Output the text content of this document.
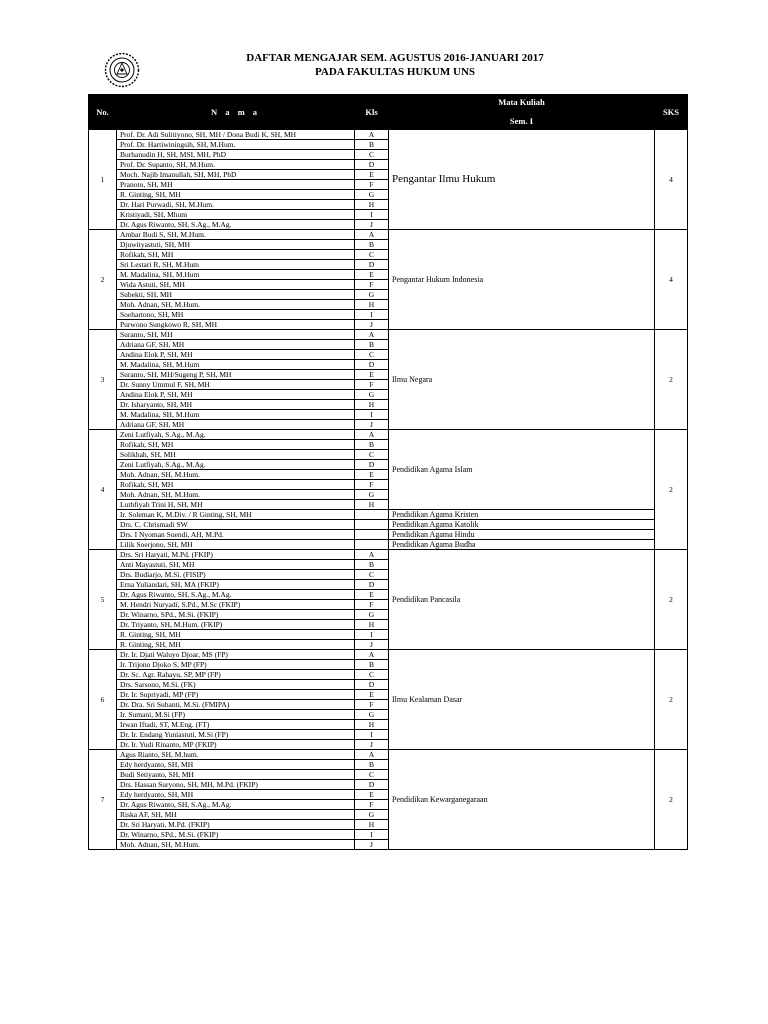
DAFTAR MENGAJAR SEM. AGUSTUS 2016-JANUARI 2017
PADA FAKULTAS HUKUM UNS
No.	N a m a	Kls	Mata Kuliah
Sem. I	SKS
1	Prof. Dr. Adi Sulitiyono, SH, MH / Dona Budi K, SH, MH	A	Pengantar Ilmu Hukum	4
	Prof. Dr. Hartiwiningsih, SH, M.Hum.	B		
	Burhanudin H, SH, MSI, MH, PhD	C		
	Prof. Dr. Supanto, SH, M.Hum.	D		
	Moch. Najib Imanullah, SH, MH, PhD	E		
	Pranoto, SH, MH	F		
	R. Ginting, SH, MH	G		
	Dr. Hari Purwadi, SH, M.Hum.	H		
	Kristiyadi, SH, Mhum	I		
	Dr. Agus Riwanto, SH, S.Ag., M.Ag.	J		
2	Ambar Budi S, SH, M.Hum.	A	Pengantar Hukum Indonesia	4
	Djuwityastuti, SH, MH	B		
	Rofikah, SH, MH	C		
	Sri Lestari R, SH, M.Hum	D		
	M. Madalina, SH, M.Hum	E		
	Wida Astuti, SH, MH	F		
	Subekti, SH, MH	G		
	Moh. Adnan, SH, M.Hum.	H		
	Soehartono, SH, MH	I		
	Purwono Sungkowo R, SH, MH	J		
3	Suranto, SH, MH	A	Ilmu Negara	2
	Adriana GF, SH, MH	B		
	Andina Elok P, SH, MH	C		
	M. Madalina, SH, M.Hum	D		
	Suranto, SH, MH/Sugeng P, SH, MH	E		
	Dr. Sunny Ummul F, SH, MH	F		
	Andina Elok P, SH, MH	G		
	Dr. Isharyanto, SH, MH	H		
	M. Madalina, SH, M.Hum	I		
	Adriana GF, SH, MH	J		
4	Zeni Lutfiyah, S.Ag., M.Ag.	A	Pendidikan Agama Islam	2
	Rofikah, SH, MH	B		
	Solikhah, SH, MH	C		
	Zeni Lutfiyah, S.Ag., M.Ag.	D		
	Moh. Adnan, SH, M.Hum.	E		
	Rofikah, SH, MH	F		
	Moh. Adnan, SH, M.Hum.	G		
	Luthfiyah Trini H, SH, MH	H		
	Ir. Soleman K, M.Div. / R Ginting, SH, MH		Pendidikan Agama Kristen	
	Drs. C. Chrismadi SW		Pendidikan Agama Katolik	
	Drs. I Nyoman Suendi, AH, M.Pd.		Pendidikan Agama Hindu	
	Lilik Soerjono, SH, MH		Pendidikan Agama Budha	
5	Drs. Sri Haryati, M.Pd. (FKIP)	A	Pendidikan Pancasila	2
	Anti Mayastuti, SH, MH	B		
	Drs. Budiarjo, M.Si. (FISIP)	C		
	Erna Yuliandari, SH, MA (FKIP)	D		
	Dr. Agus Riwanto, SH, S.Ag., M.Ag.	E		
	M. Hendri Nuryadi, S.Pd., M.Sc (FKIP)	F		
	Dr. Winarno, SPd., M.Si. (FKIP)	G		
	Dr. Triyanto, SH, M.Hum. (FKIP)	H		
	R. Ginting, SH, MH	I		
	R. Ginting, SH, MH	J		
6	Dr. Ir. Djati Waluyo Djoar, MS (FP)	A	Ilmu Kealaman Dasar	2
	Ir. Trijono Djoko S, MP (FP)	B		
	Dr. Sc. Agr. Rahayu, SP, MP (FP)	C		
	Drs. Sarsono, M.Si. (FK)	D		
	Dr. Ir. Supriyadi, MP (FP)	E		
	Dr. Dra. Sri Subanti, M.Si. (FMIPA)	F		
	Ir. Sumani, M.Si (FP)	G		
	Irwan Iftadi, ST, M.Eng. (FT)	H		
	Dr. Ir. Endang Yuniastuti, M.Si (FP)	I		
	Dr. Ir. Yudi Rinanto, MP (FKIP)	J		
7	Agus Rianto, SH, M.hum.	A	Pendidikan Kewarganegaraan	2
	Edy herdyanto, SH, MH	B		
	Budi Setiyanto, SH, MH	C		
	Drs. Hassan Suryono, SH, MH, M.Pd. (FKIP)	D		
	Edy herdyanto, SH, MH	E		
	Dr. Agus Riwanto, SH, S.Ag., M.Ag.	F		
	Riska AF, SH, MH	G		
	Dr. Sri Haryati, M.Pd. (FKIP)	H		
	Dr. Winarno, SPd., M.Si. (FKIP)	I		
	Moh. Adnan, SH, M.Hum.	J		
